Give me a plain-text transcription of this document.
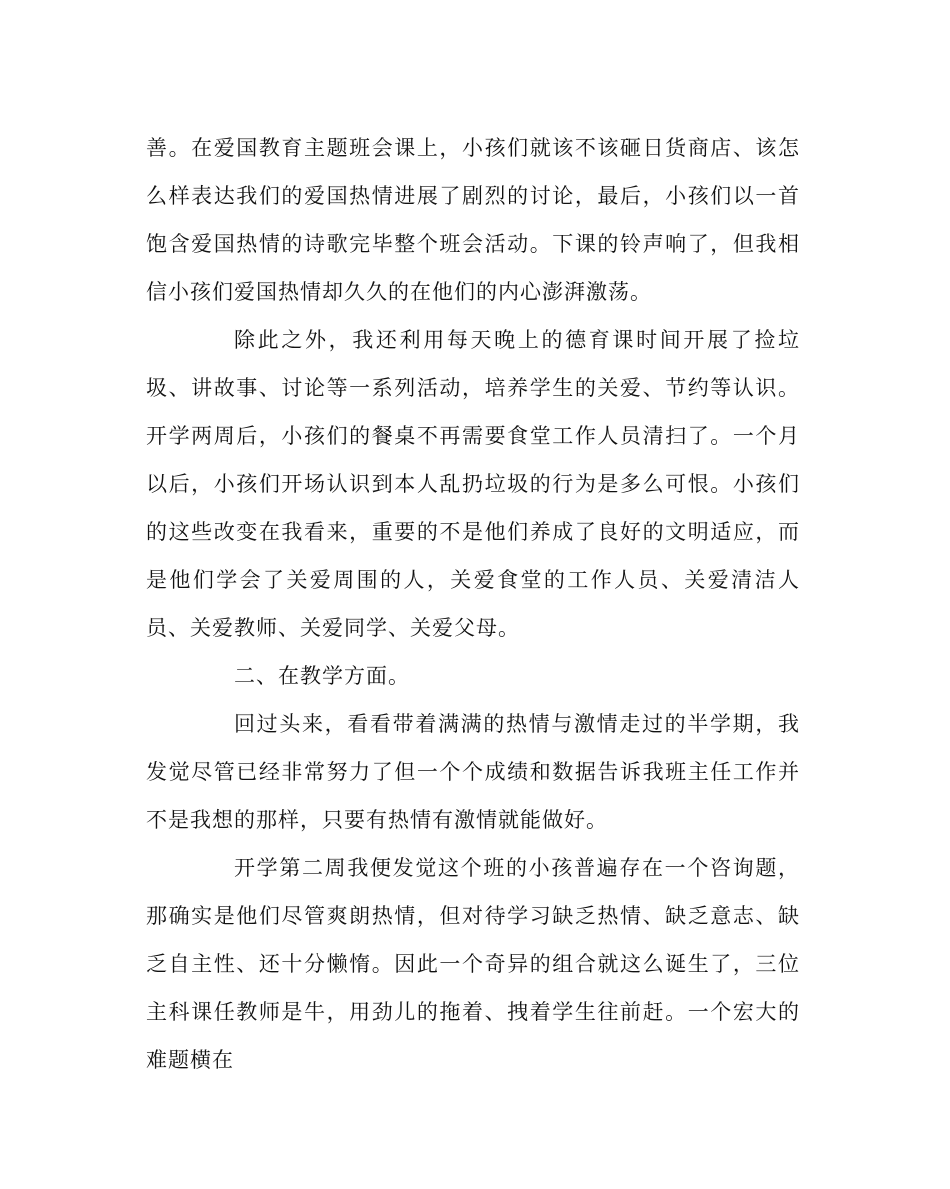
善。在爱国教育主题班会课上，小孩们就该不该砸日货商店、该怎么样表达我们的爱国热情进展了剧烈的讨论，最后，小孩们以一首饱含爱国热情的诗歌完毕整个班会活动。下课的铃声响了，但我相信小孩们爱国热情却久久的在他们的内心澎湃激荡。

除此之外，我还利用每天晚上的德育课时间开展了捡垃圾、讲故事、讨论等一系列活动，培养学生的关爱、节约等认识。开学两周后，小孩们的餐桌不再需要食堂工作人员清扫了。一个月以后，小孩们开场认识到本人乱扔垃圾的行为是多么可恨。小孩们的这些改变在我看来，重要的不是他们养成了良好的文明适应，而是他们学会了关爱周围的人，关爱食堂的工作人员、关爱清洁人员、关爱教师、关爱同学、关爱父母。

二、在教学方面。

回过头来，看看带着满满的热情与激情走过的半学期，我发觉尽管已经非常努力了但一个个成绩和数据告诉我班主任工作并不是我想的那样，只要有热情有激情就能做好。

开学第二周我便发觉这个班的小孩普遍存在一个咨询题，那确实是他们尽管爽朗热情，但对待学习缺乏热情、缺乏意志、缺乏自主性、还十分懒惰。因此一个奇异的组合就这么诞生了，三位主科课任教师是牛，用劲儿的拖着、拽着学生往前赶。一个宏大的难题横在
